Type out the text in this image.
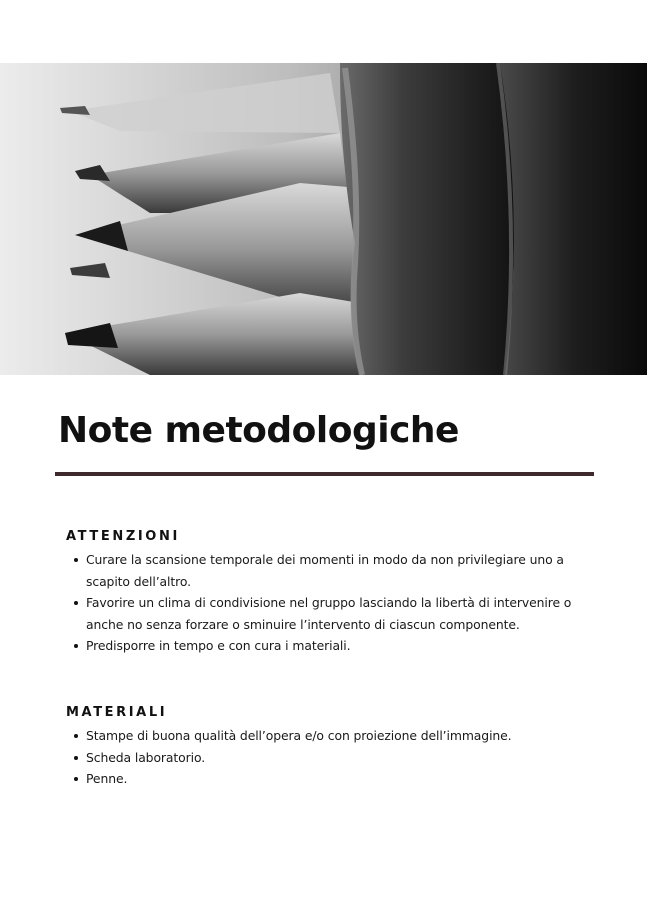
Note metodologiche
ATTENZIONI
Curare la scansione temporale dei momenti in modo da non privilegiare uno a scapito dell’altro.
Favorire un clima di condivisione nel gruppo lasciando la libertà di intervenire o anche no senza forzare o sminuire l’intervento di ciascun componente.
Predisporre in tempo e con cura i materiali.
MATERIALI
Stampe di buona qualità dell’opera e/o con proiezione dell’immagine.
Scheda laboratorio.
Penne.
